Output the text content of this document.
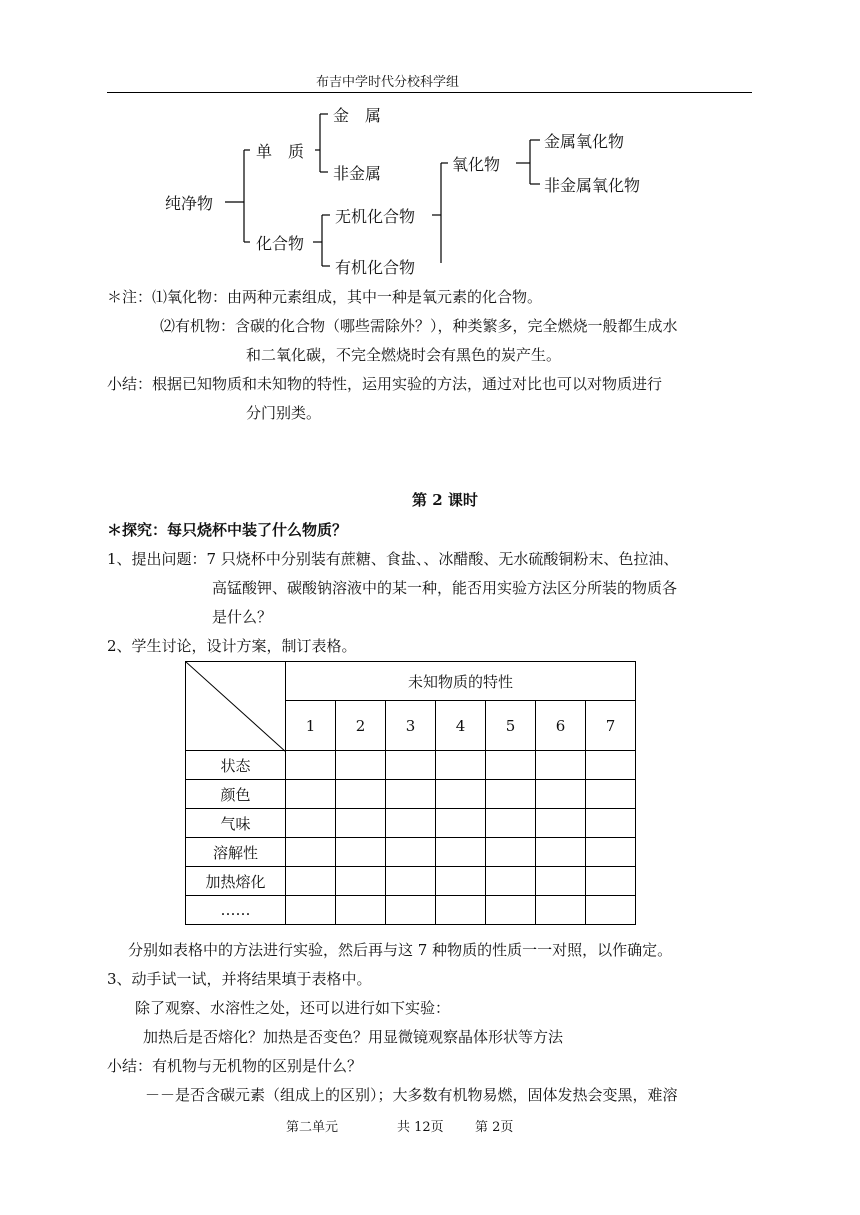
布吉中学时代分校科学组
纯净物
单　质
化合物
金　属
非金属
无机化合物
有机化合物
氧化物
金属氧化物
非金属氧化物
＊注：⑴氧化物：由两种元素组成，其中一种是氧元素的化合物。
⑵有机物：含碳的化合物（哪些需除外？），种类繁多，完全燃烧一般都生成水
和二氧化碳，不完全燃烧时会有黑色的炭产生。
小结：根据已知物质和未知物的特性，运用实验的方法，通过对比也可以对物质进行
分门别类。
第 2 课时
＊探究：每只烧杯中装了什么物质？
1、提出问题：7 只烧杯中分别装有蔗糖、食盐、、冰醋酸、无水硫酸铜粉末、色拉油、
高锰酸钾、碳酸钠溶液中的某一种，能否用实验方法区分所装的物质各
是什么？
2、学生讨论，设计方案，制订表格。
	未知物质的特性						
	1	2	3	4	5	6	7
状态							
颜色							
气味							
溶解性							
加热熔化							
……							
分别如表格中的方法进行实验，然后再与这 7 种物质的性质一一对照，以作确定。
3、动手试一试，并将结果填于表格中。
除了观察、水溶性之处，还可以进行如下实验：
加热后是否熔化？加热是否变色？用显微镜观察晶体形状等方法
小结：有机物与无机物的区别是什么？
－－是否含碳元素（组成上的区别）；大多数有机物易燃，固体发热会变黑，难溶
第二单元	共 12页 第 2页
